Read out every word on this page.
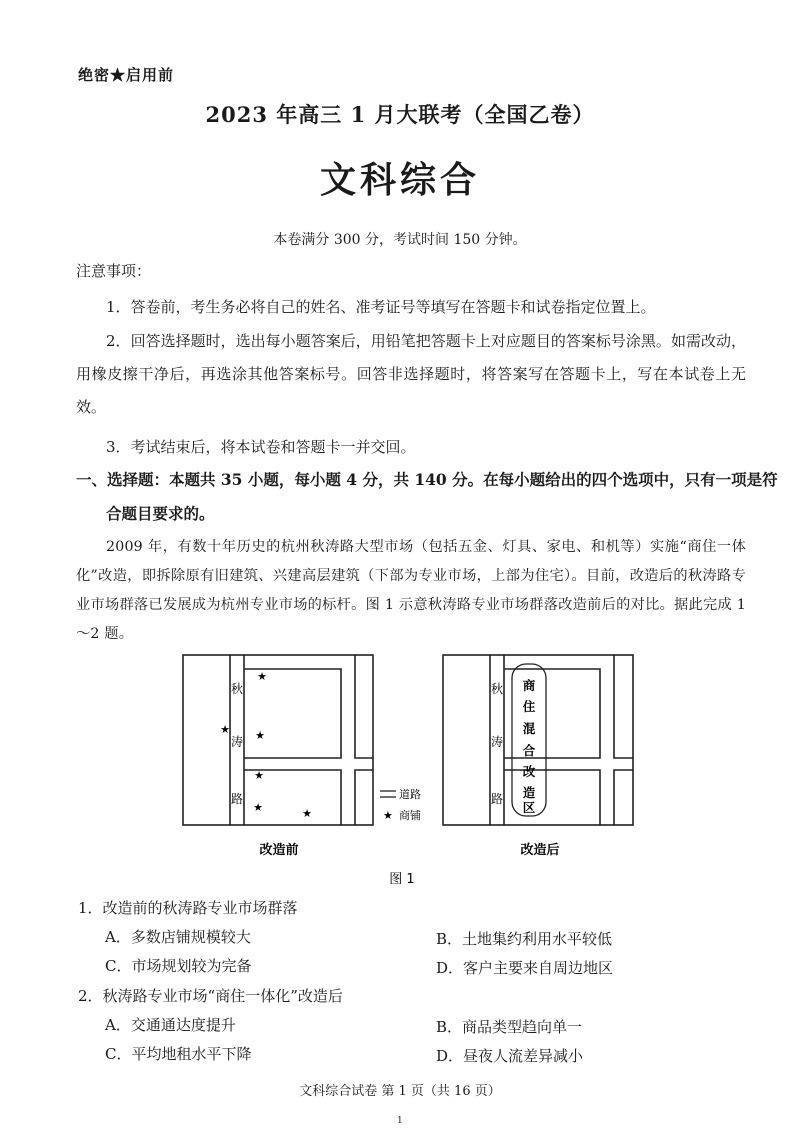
绝密★启用前
2023 年高三 1 月大联考（全国乙卷）
文科综合
本卷满分 300 分，考试时间 150 分钟。
注意事项：
1．答卷前，考生务必将自己的姓名、准考证号等填写在答题卡和试卷指定位置上。
2．回答选择题时，选出每小题答案后，用铅笔把答题卡上对应题目的答案标号涂黑。如需改动，用橡皮擦干净后，再选涂其他答案标号。回答非选择题时，将答案写在答题卡上，写在本试卷上无效。
3．考试结束后，将本试卷和答题卡一并交回。
一、选择题：本题共 35 小题，每小题 4 分，共 140 分。在每小题给出的四个选项中，只有一项是符合题目要求的。
2009 年，有数十年历史的杭州秋涛路大型市场（包括五金、灯具、家电、和机等）实施“商住一体化”改造，即拆除原有旧建筑、兴建高层建筑（下部为专业市场，上部为住宅）。目前，改造后的秋涛路专业市场群落已发展成为杭州专业市场的标杆。图 1 示意秋涛路专业市场群落改造前后的对比。据此完成 1～2 题。
秋
涛
路
秋
涛
路
★
★ ★
★
★	★
商
住
混
合
改
造
区
道路
★ 商铺
改造前	改造后
图 1
1．改造前的秋涛路专业市场群落
A．多数店铺规模较大	B．土地集约利用水平较低
C．市场规划较为完备	D．客户主要来自周边地区
2．秋涛路专业市场“商住一体化”改造后
A．交通通达度提升	B．商品类型趋向单一
C．平均地租水平下降	D．昼夜人流差异减小
文科综合试卷 第 1 页（共 16 页）
1
